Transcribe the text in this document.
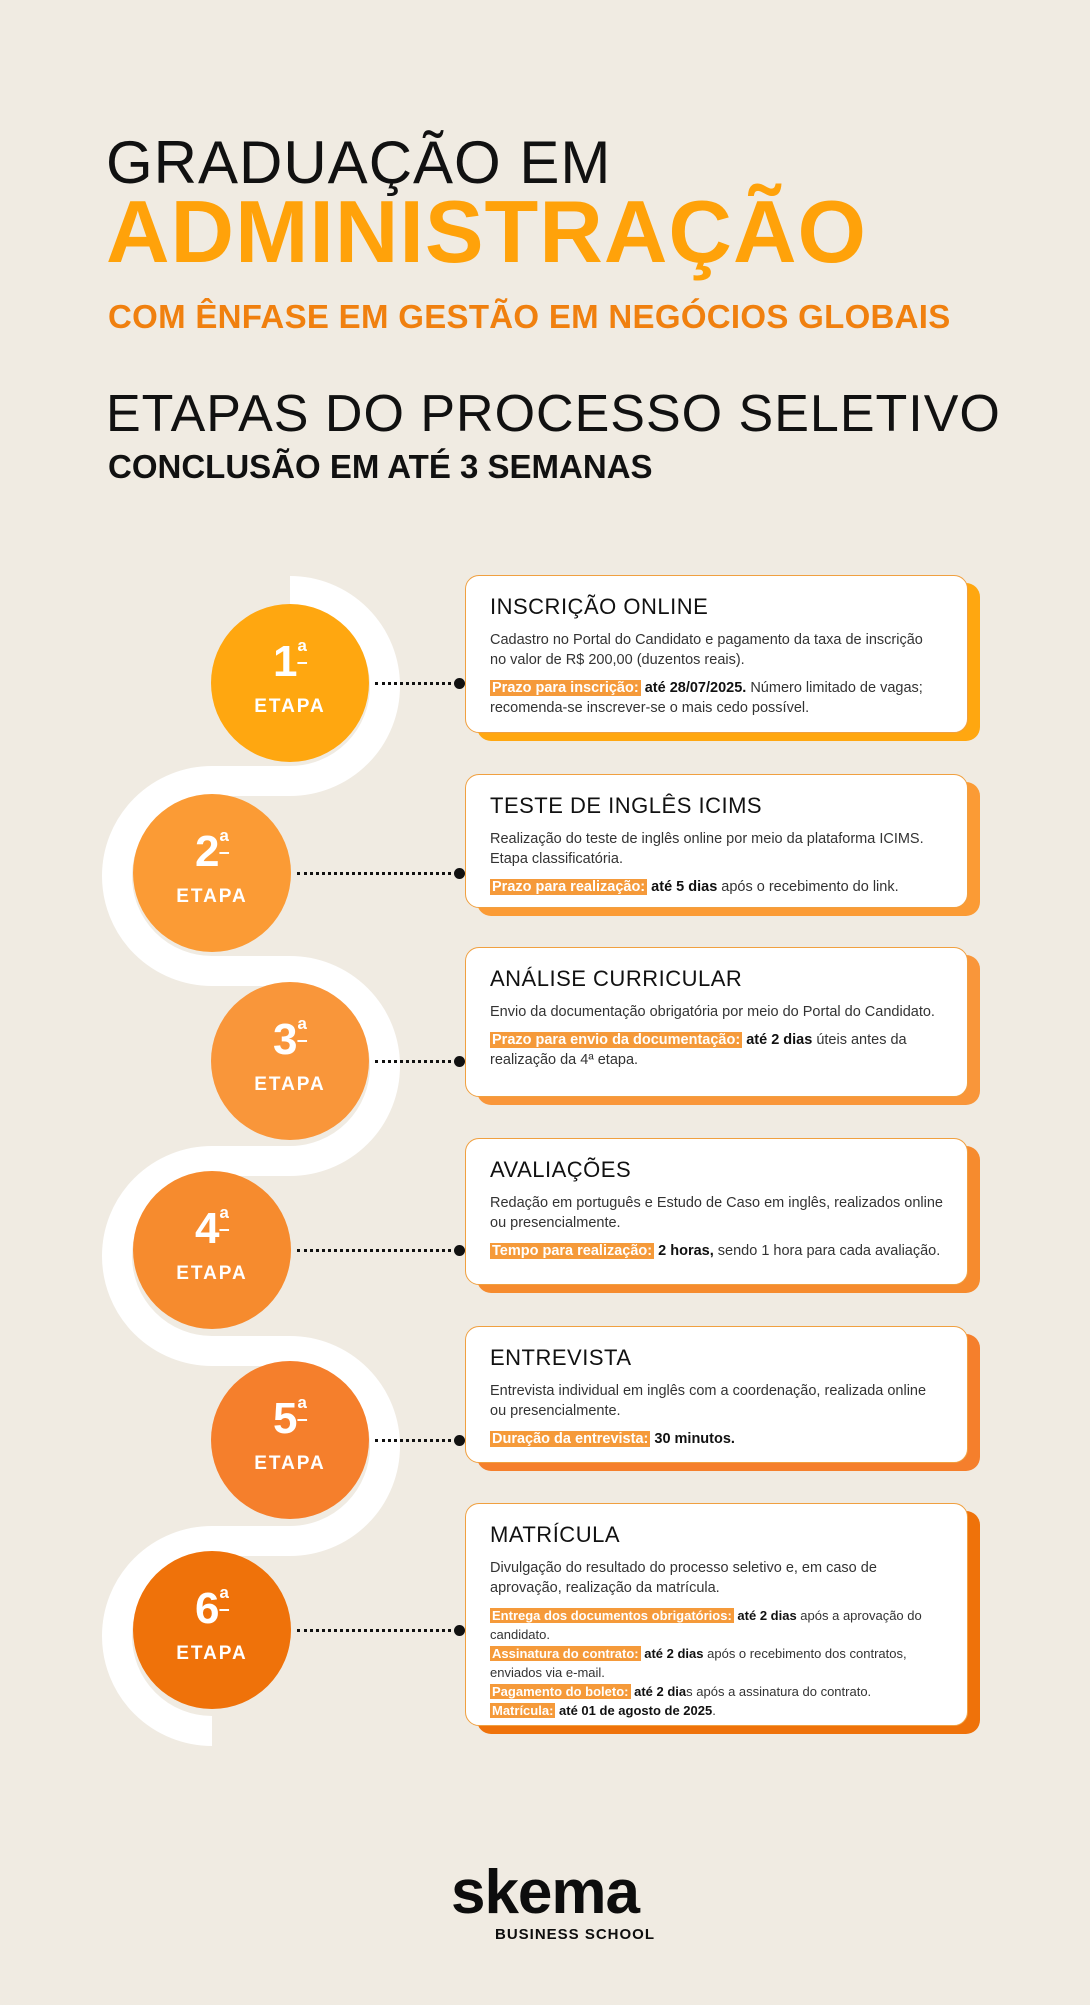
GRADUAÇÃO EM
ADMINISTRAÇÃO
COM ÊNFASE EM GESTÃO EM NEGÓCIOS GLOBAIS
ETAPAS DO PROCESSO SELETIVO
CONCLUSÃO EM ATÉ 3 SEMANAS
$1^ª$
ETAPA
INSCRIÇÃO ONLINE

Cadastro no Portal do Candidato e pagamento da taxa de inscrição no valor de R$ 200,00 (duzentos reais).

Prazo para inscrição: até 28/07/2025. Número limitado de vagas; recomenda-se inscrever-se o mais cedo possível.

$2^ª$
ETAPA
TESTE DE INGLÊS ICIMS

Realização do teste de inglês online por meio da plataforma ICIMS. Etapa classificatória.

Prazo para realização: até 5 dias após o recebimento do link.

$3^ª$
ETAPA
ANÁLISE CURRICULAR

Envio da documentação obrigatória por meio do Portal do Candidato.

Prazo para envio da documentação: até 2 dias úteis antes da realização da 4ª etapa.

$4^ª$
ETAPA
AVALIAÇÕES

Redação em português e Estudo de Caso em inglês, realizados online ou presencialmente.

Tempo para realização: 2 horas, sendo 1 hora para cada avaliação.

$5^ª$
ETAPA
ENTREVISTA

Entrevista individual em inglês com a coordenação, realizada online ou presencialmente.

Duração da entrevista: 30 minutos.

$6^ª$
ETAPA
MATRÍCULA

Divulgação do resultado do processo seletivo e, em caso de aprovação, realização da matrícula.

Entrega dos documentos obrigatórios: até 2 dias após a aprovação do candidato.

Assinatura do contrato: até 2 dias após o recebimento dos contratos, enviados via e-mail.

Pagamento do boleto: até 2 dias após a assinatura do contrato.

Matrícula: até 01 de agosto de 2025.

skema
BUSINESS SCHOOL
